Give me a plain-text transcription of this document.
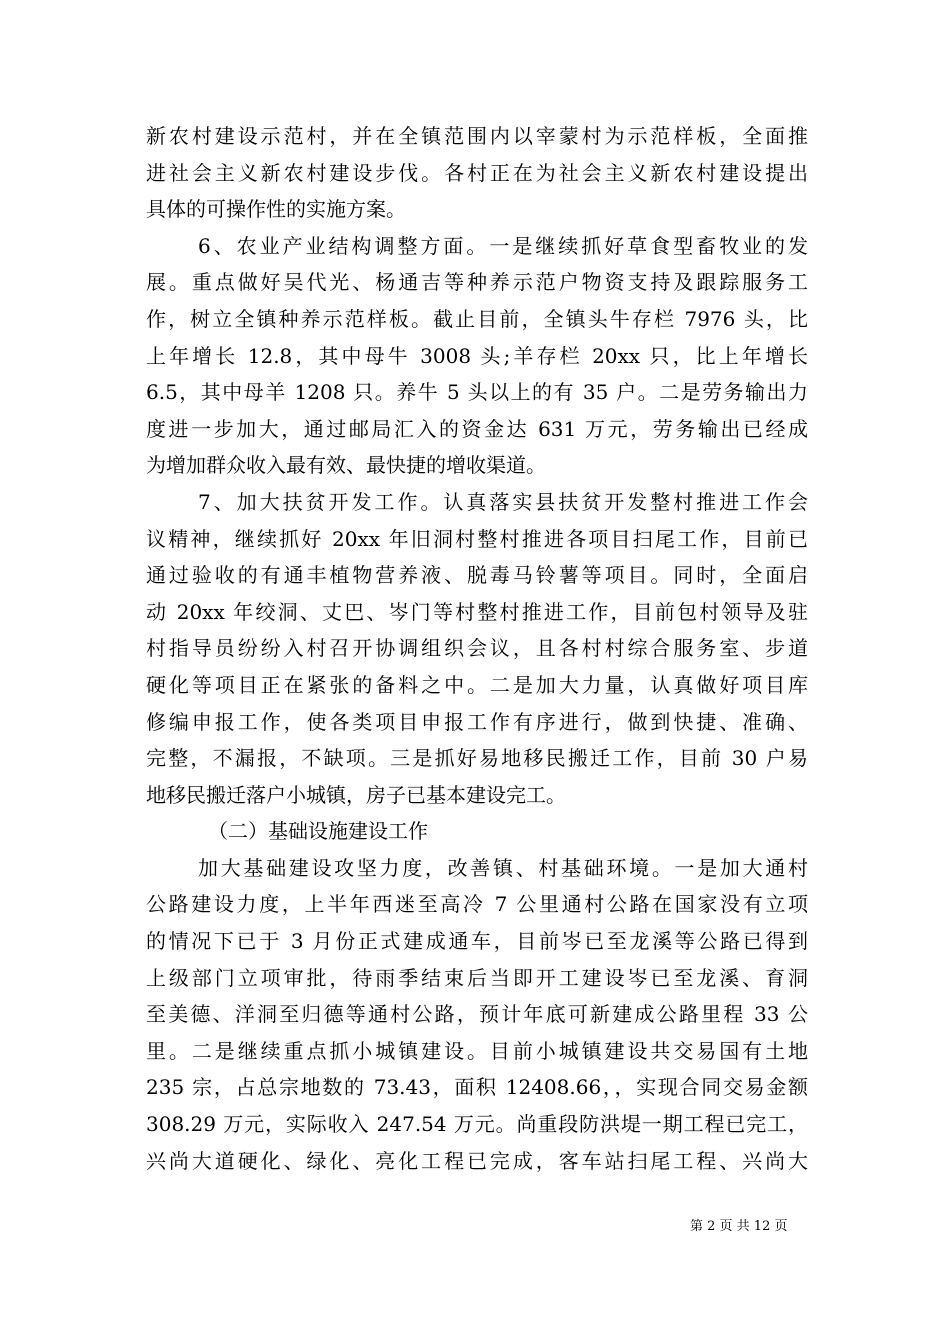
新农村建设示范村，并在全镇范围内以宰蒙村为示范样板，全面推
进社会主义新农村建设步伐。各村正在为社会主义新农村建设提出
具体的可操作性的实施方案。
6、农业产业结构调整方面。一是继续抓好草食型畜牧业的发
展。重点做好吴代光、杨通吉等种养示范户物资支持及跟踪服务工
作，树立全镇种养示范样板。截止目前，全镇头牛存栏 7976 头，比
上年增长 12.8，其中母牛 3008 头;羊存栏 20xx 只，比上年增长
6.5，其中母羊 1208 只。养牛 5 头以上的有 35 户。二是劳务输出力
度进一步加大，通过邮局汇入的资金达 631 万元，劳务输出已经成
为增加群众收入最有效、最快捷的增收渠道。
7、加大扶贫开发工作。认真落实县扶贫开发整村推进工作会
议精神，继续抓好 20xx 年旧洞村整村推进各项目扫尾工作，目前已
通过验收的有通丰植物营养液、脱毒马铃薯等项目。同时，全面启
动 20xx 年绞洞、丈巴、岑门等村整村推进工作，目前包村领导及驻
村指导员纷纷入村召开协调组织会议，且各村村综合服务室、步道
硬化等项目正在紧张的备料之中。二是加大力量，认真做好项目库
修编申报工作，使各类项目申报工作有序进行，做到快捷、准确、
完整，不漏报，不缺项。三是抓好易地移民搬迁工作，目前 30 户易
地移民搬迁落户小城镇，房子已基本建设完工。
（二）基础设施建设工作
加大基础建设攻坚力度，改善镇、村基础环境。一是加大通村
公路建设力度，上半年西迷至高冷 7 公里通村公路在国家没有立项
的情况下已于 3 月份正式建成通车，目前岑已至龙溪等公路已得到
上级部门立项审批，待雨季结束后当即开工建设岑已至龙溪、育洞
至美德、洋洞至归德等通村公路，预计年底可新建成公路里程 33 公
里。二是继续重点抓小城镇建设。目前小城镇建设共交易国有土地
235 宗，占总宗地数的 73.43，面积 12408.66，，实现合同交易金额
308.29 万元，实际收入 247.54 万元。尚重段防洪堤一期工程已完工，
兴尚大道硬化、绿化、亮化工程已完成，客车站扫尾工程、兴尚大
第 2 页 共 12 页
